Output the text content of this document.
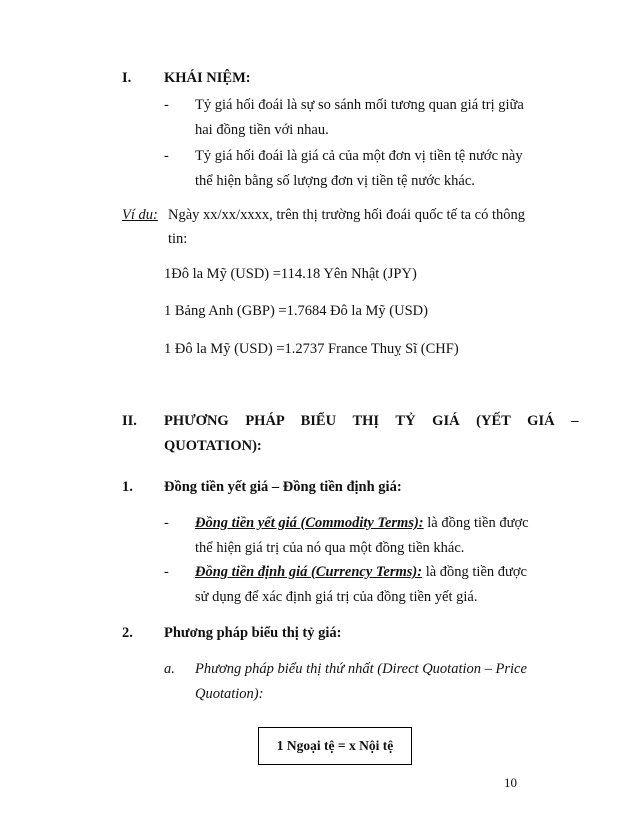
I. KHÁI NIỆM:
- Tỷ giá hối đoái là sự so sánh mối tương quan giá trị giữa
hai đồng tiền với nhau.
- Tỷ giá hối đoái là giá cả của một đơn vị tiền tệ nước này
thể hiện bằng số lượng đơn vị tiền tệ nước khác.
Ví du: Ngày xx/xx/xxxx, trên thị trường hối đoái quốc tế ta có thông
tin:
1Đô la Mỹ (USD) =114.18 Yên Nhật (JPY)
1 Bảng Anh (GBP) =1.7684 Đô la Mỹ (USD)
1 Đô la Mỹ (USD) =1.2737 France Thuỵ Sĩ (CHF)
II. PHƯƠNG PHÁP BIỂU THỊ TỶ GIÁ (YẾT GIÁ –
QUOTATION):
1. Đồng tiền yết giá – Đồng tiền định giá:
- Đồng tiền yết giá (Commodity Terms): là đồng tiền được
thể hiện giá trị của nó qua một đồng tiền khác.
- Đồng tiền định giá (Currency Terms): là đồng tiền được
sử dụng để xác định giá trị của đồng tiền yết giá.
2. Phương pháp biểu thị tỷ giá:
a. Phương pháp biểu thị thứ nhất (Direct Quotation – Price
Quotation):
1 Ngoại tệ = x Nội tệ
10
